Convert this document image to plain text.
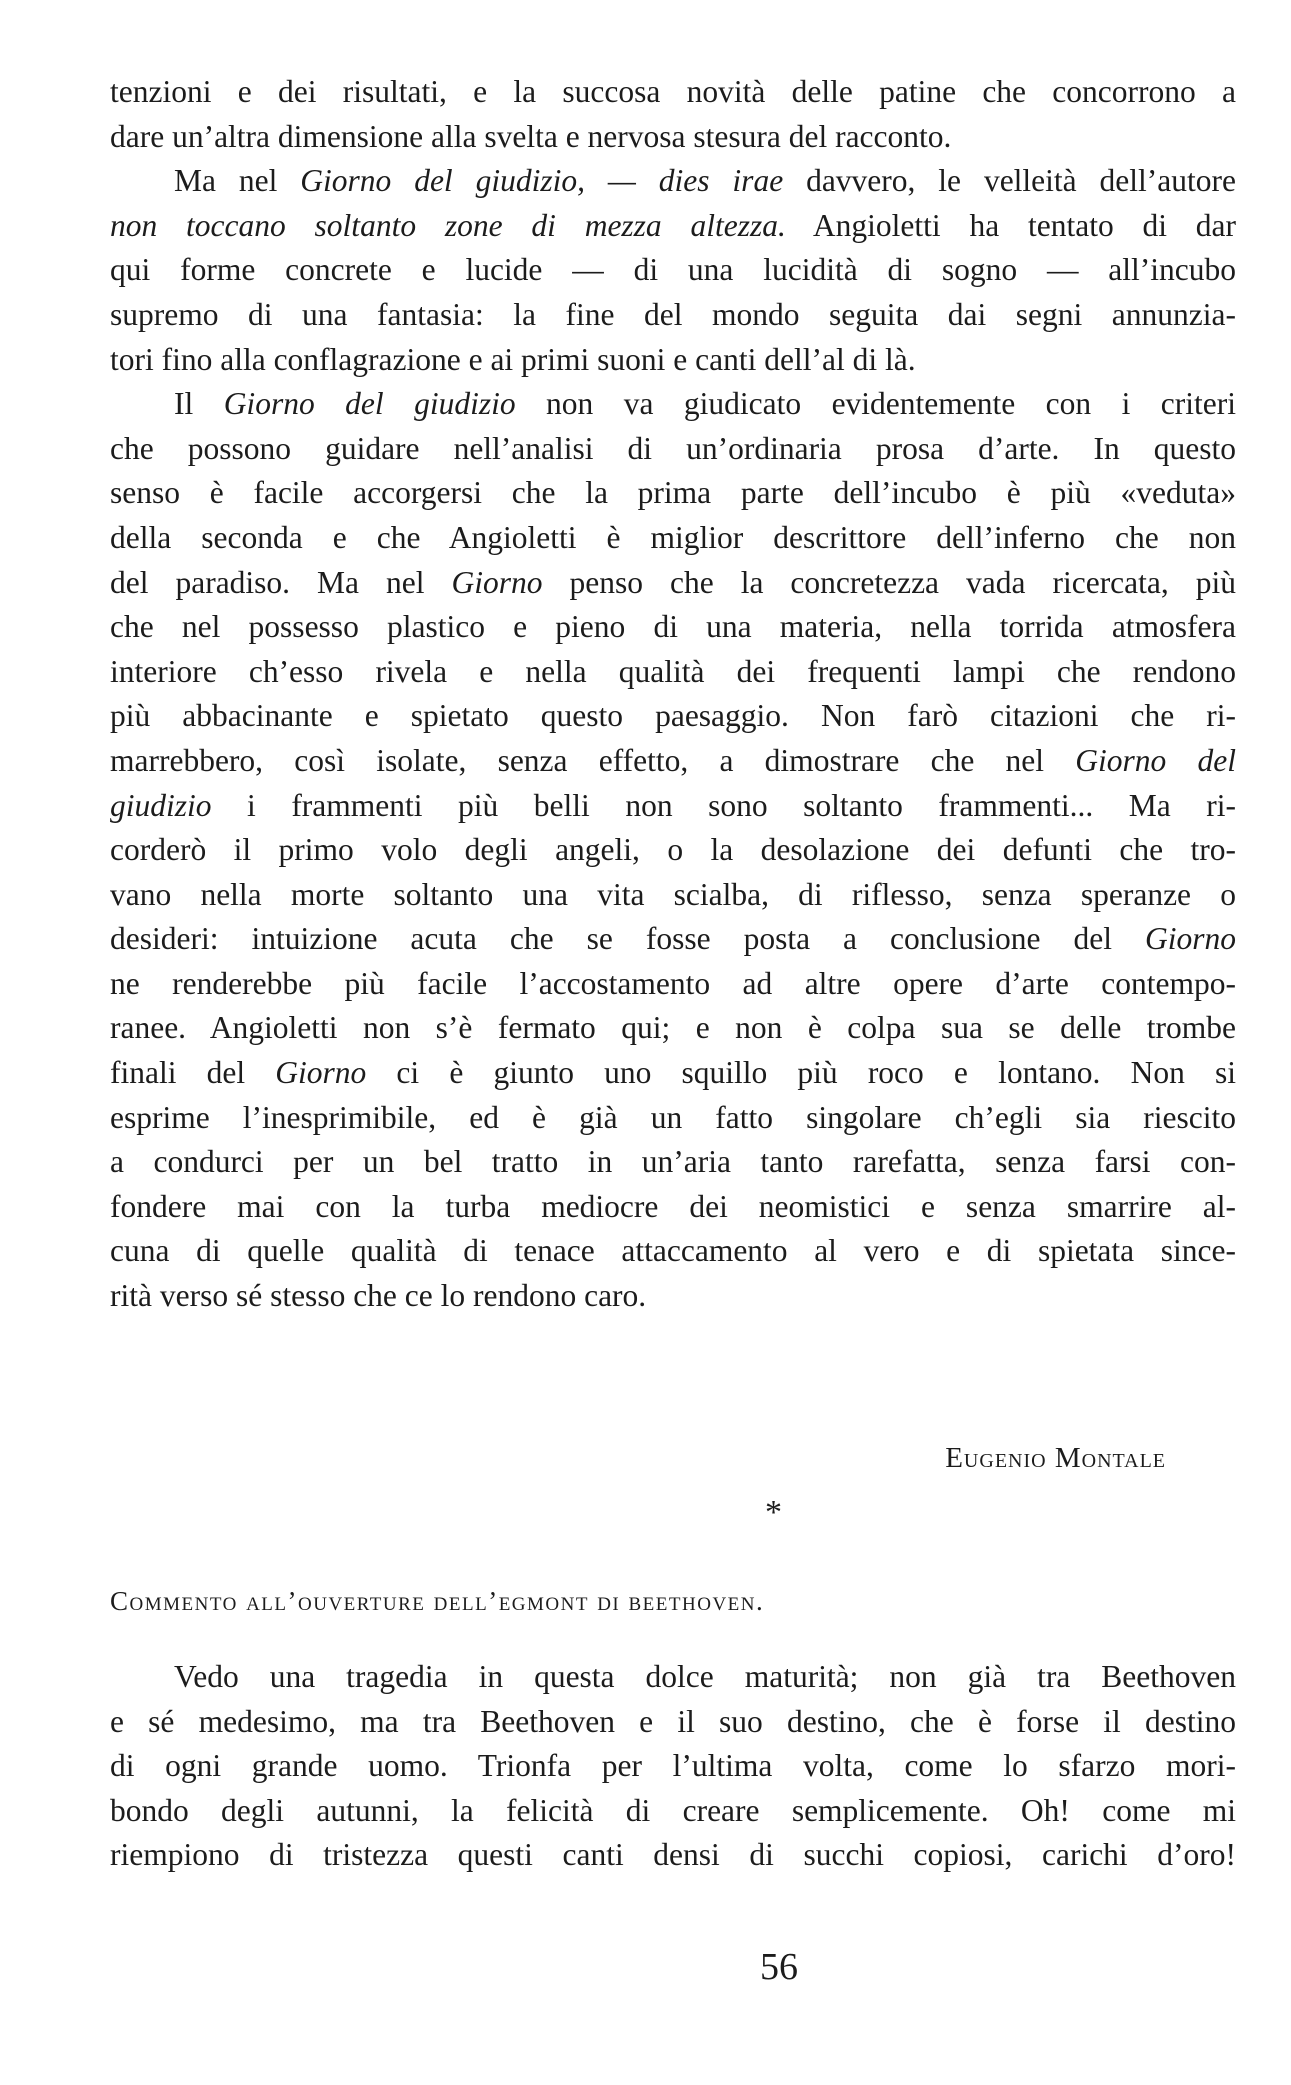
tenzioni e dei risultati, e la succosa novità delle patine che concorrono a
dare un’altra dimensione alla svelta e nervosa stesura del racconto.
Ma nel Giorno del giudizio, — dies irae davvero, le velleità dell’autore
non toccano soltanto zone di mezza altezza. Angioletti ha tentato di dar
qui forme concrete e lucide — di una lucidità di sogno — all’incubo
supremo di una fantasia: la fine del mondo seguita dai segni annunzia-
tori fino alla conflagrazione e ai primi suoni e canti dell’al di là.
Il Giorno del giudizio non va giudicato evidentemente con i criteri
che possono guidare nell’analisi di un’ordinaria prosa d’arte. In questo
senso è facile accorgersi che la prima parte dell’incubo è più «veduta»
della seconda e che Angioletti è miglior descrittore dell’inferno che non
del paradiso. Ma nel Giorno penso che la concretezza vada ricercata, più
che nel possesso plastico e pieno di una materia, nella torrida atmosfera
interiore ch’esso rivela e nella qualità dei frequenti lampi che rendono
più abbacinante e spietato questo paesaggio. Non farò citazioni che ri-
marrebbero, così isolate, senza effetto, a dimostrare che nel Giorno del
giudizio i frammenti più belli non sono soltanto frammenti... Ma ri-
corderò il primo volo degli angeli, o la desolazione dei defunti che tro-
vano nella morte soltanto una vita scialba, di riflesso, senza speranze o
desideri: intuizione acuta che se fosse posta a conclusione del Giorno
ne renderebbe più facile l’accostamento ad altre opere d’arte contempo-
ranee. Angioletti non s’è fermato qui; e non è colpa sua se delle trombe
finali del Giorno ci è giunto uno squillo più roco e lontano. Non si
esprime l’inesprimibile, ed è già un fatto singolare ch’egli sia riescito
a condurci per un bel tratto in un’aria tanto rarefatta, senza farsi con-
fondere mai con la turba mediocre dei neomistici e senza smarrire al-
cuna di quelle qualità di tenace attaccamento al vero e di spietata since-
rità verso sé stesso che ce lo rendono caro.
Eugenio Montale
*
Commento all’ouverture dell’egmont di beethoven.
Vedo una tragedia in questa dolce maturità; non già tra Beethoven
e sé medesimo, ma tra Beethoven e il suo destino, che è forse il destino
di ogni grande uomo. Trionfa per l’ultima volta, come lo sfarzo mori-
bondo degli autunni, la felicità di creare semplicemente. Oh! come mi
riempiono di tristezza questi canti densi di succhi copiosi, carichi d’oro!
56
